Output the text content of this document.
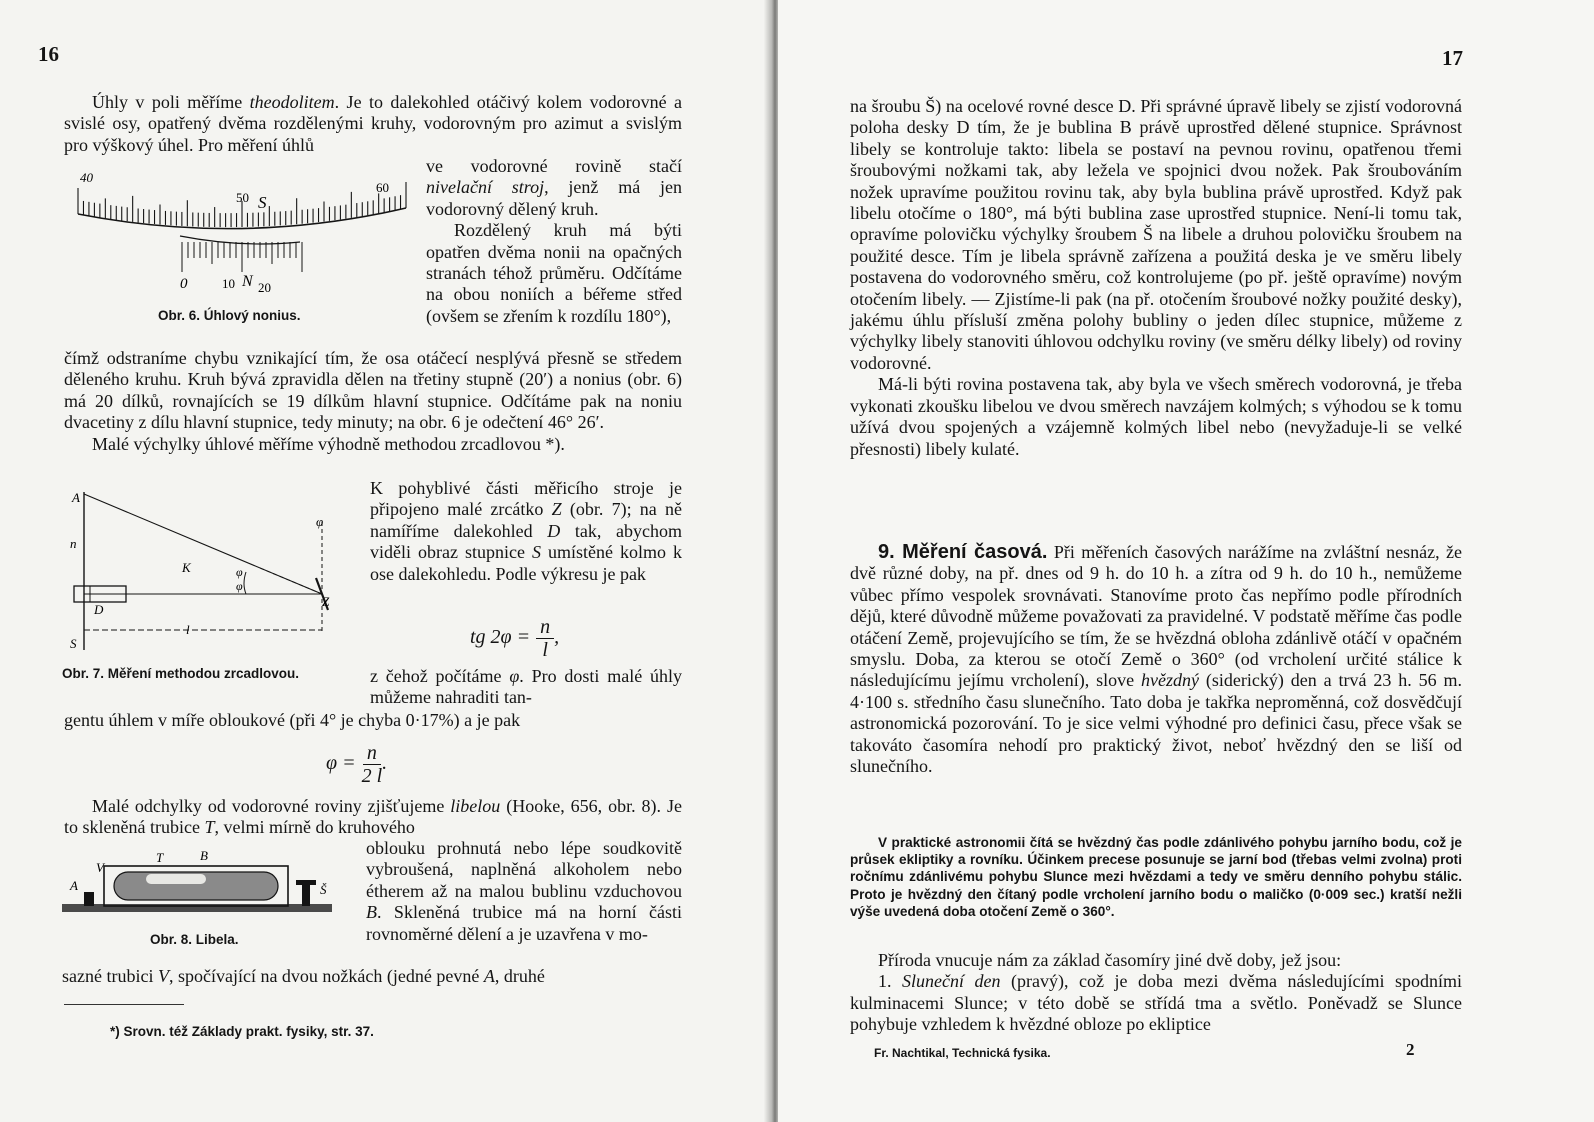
16

Úhly v poli měříme theodolitem. Je to dalekohled otáčivý kolem vodorovné a svislé osy, opatřený dvěma rozdělenými kruhy, vodorovným pro azimut a svislým pro výškový úhel. Pro měření úhlů

40
50 S
60
0	10 N 20
Obr. 6. Úhlový nonius.

ve vodorovné rovině stačí nivelační stroj, jenž má jen vodorovný dělený kruh.

Rozdělený kruh má býti opatřen dvěma nonii na opačných stranách téhož průměru. Odčítáme na obou noniích a béřeme střed (ovšem se zřením k rozdílu 180°),

čímž odstraníme chybu vznikající tím, že osa otáčecí nesplývá přesně se středem děleného kruhu. Kruh bývá zpravidla dělen na třetiny stupně (20′) a nonius (obr. 6) má 20 dílků, rovnajících se 19 dílkům hlavní stupnice. Odčítáme pak na noniu dvacetiny z dílu hlavní stupnice, tedy minuty; na obr. 6 je odečtení 46° 26′.

Malé výchylky úhlové měříme výhodně methodou zrcadlovou *).

A
n
D
S
l
K
φ
φ
φ
Z
Obr. 7. Měření methodou zrcadlovou.

K pohyblivé části měřicího stroje je připojeno malé zrcátko Z (obr. 7); na ně namíříme dalekohled D tak, abychom viděli obraz stupnice S umístěné kolmo k ose dalekohledu. Podle výkresu je pak

tg $2\varphi = \frac{n}{l}$ ,

z čehož počítáme φ. Pro dosti malé úhly můžeme nahraditi tan-

gentu úhlem v míře obloukové (při 4° je chyba 0·17%) a je pak

$\varphi = \frac{n}{2 l}$ .

Malé odchylky od vodorovné roviny zjišťujeme libelou (Hooke, 656, obr. 8). Je to skleněná trubice T, velmi mírně do kruhového

V
T	B
A	Š
Obr. 8. Libela.

oblouku prohnutá nebo lépe soudkovitě vybroušená, naplněná alkoholem nebo étherem až na malou bublinu vzduchovou B. Skleněná trubice má na horní části rovnoměrné dělení a je uzavřena v mo-

sazné trubici V, spočívající na dvou nožkách (jedné pevné A, druhé

*) Srovn. též Základy prakt. fysiky, str. 37.
17

na šroubu Š) na ocelové rovné desce D. Při správné úpravě libely se zjistí vodorovná poloha desky D tím, že je bublina B právě uprostřed dělené stupnice. Správnost libely se kontroluje takto: libela se postaví na pevnou rovinu, opatřenou třemi šroubovými nožkami tak, aby ležela ve spojnici dvou nožek. Pak šroubováním nožek upravíme použitou rovinu tak, aby byla bublina právě uprostřed. Když pak libelu otočíme o 180°, má býti bublina zase uprostřed stupnice. Není-li tomu tak, opravíme polovičku výchylky šroubem Š na libele a druhou polovičku šroubem na použité desce. Tím je libela správně zařízena a použitá deska je ve směru libely postavena do vodorovného směru, což kontrolujeme (po př. ještě opravíme) novým otočením libely. — Zjistíme-li pak (na př. otočením šroubové nožky použité desky), jakému úhlu přísluší změna polohy bubliny o jeden dílec stupnice, můžeme z výchylky libely stanoviti úhlovou odchylku roviny (ve směru délky libely) od roviny vodorovné.

Má-li býti rovina postavena tak, aby byla ve všech směrech vodorovná, je třeba vykonati zkoušku libelou ve dvou směrech navzájem kolmých; s výhodou se k tomu užívá dvou spojených a vzájemně kolmých libel nebo (nevyžaduje-li se velké přesnosti) libely kulaté.

9. Měření časová. Při měřeních časových narážíme na zvláštní nesnáz, že dvě různé doby, na př. dnes od 9 h. do 10 h. a zítra od 9 h. do 10 h., nemůžeme vůbec přímo vespolek srovnávati. Stanovíme proto čas nepřímo podle přírodních dějů, které důvodně můžeme považovati za pravidelné. V podstatě měříme čas podle otáčení Země, projevujícího se tím, že se hvězdná obloha zdánlivě otáčí v opačném smyslu. Doba, za kterou se otočí Země o 360° (od vrcholení určité stálice k následujícímu jejímu vrcholení), slove hvězdný (siderický) den a trvá 23 h. 56 m. 4·100 s. středního času slunečního. Tato doba je takřka neproměnná, což dosvědčují astronomická pozorování. To je sice velmi výhodné pro definici času, přece však se takováto časomíra nehodí pro praktický život, neboť hvězdný den se liší od slunečního.

V praktické astronomii čítá se hvězdný čas podle zdánlivého pohybu jarního bodu, což je průsek ekliptiky a rovníku. Účinkem precese posunuje se jarní bod (třebas velmi zvolna) proti ročnímu zdánlivému pohybu Slunce mezi hvězdami a tedy ve směru denního pohybu stálic. Proto je hvězdný den čítaný podle vrcholení jarního bodu o maličko (0·009 sec.) kratší nežli výše uvedená doba otočení Země o 360°.

Příroda vnucuje nám za základ časomíry jiné dvě doby, jež jsou:

1. Sluneční den (pravý), což je doba mezi dvěma následujícími spodními kulminacemi Slunce; v této době se střídá tma a světlo. Poněvadž se Slunce pohybuje vzhledem k hvězdné obloze po ekliptice

Fr. Nachtikal, Technická fysika.	2
